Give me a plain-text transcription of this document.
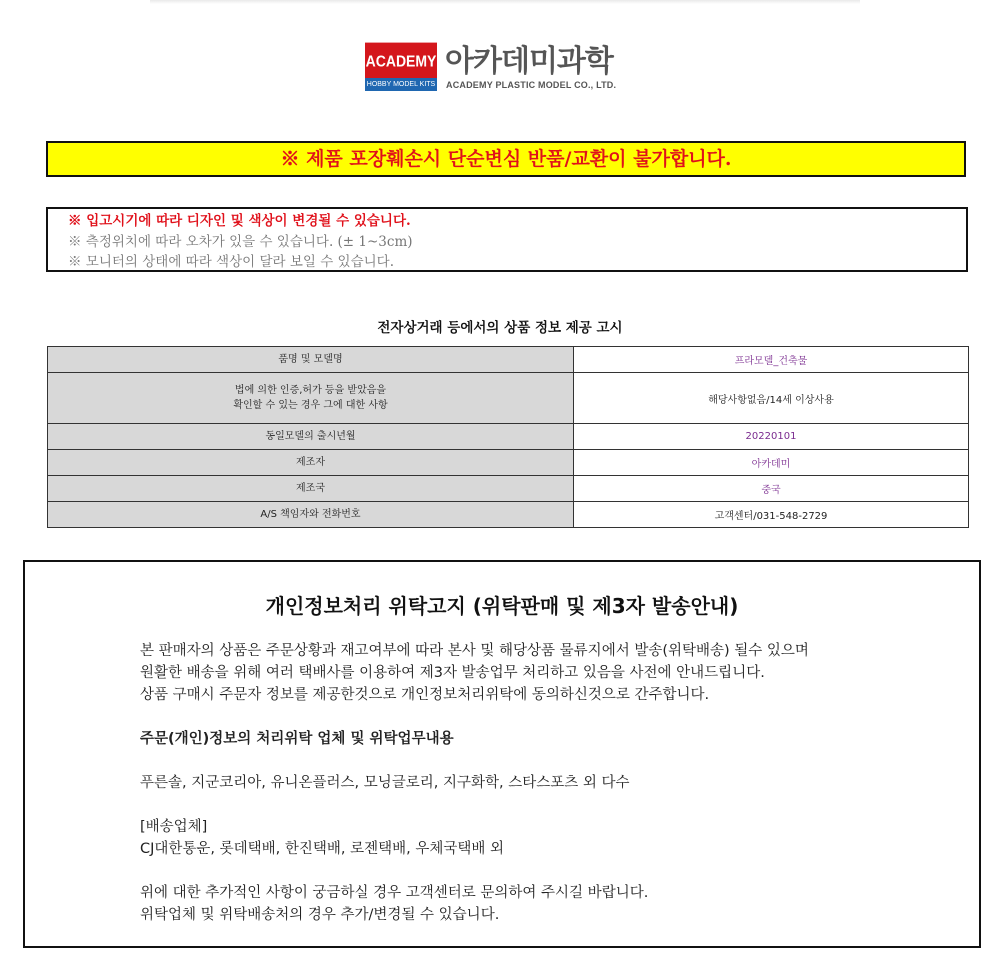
ACADEMY
HOBBY MODEL KITS
아카데미과학
ACADEMY PLASTIC MODEL CO., LTD.
※ 제품 포장훼손시 단순변심 반품/교환이 불가합니다.
※ 입고시기에 따라 디자인 및 색상이 변경될 수 있습니다.
※ 측정위치에 따라 오차가 있을 수 있습니다. (± 1~3cm)
※ 모니터의 상태에 따라 색상이 달라 보일 수 있습니다.
전자상거래 등에서의 상품 정보 제공 고시
품명 및 모델명	프라모델_건축물

법에 의한 인증,허가 등을 받았음을
확인할 수 있는 경우 그에 대한 사항	해당사항없음/14세 이상사용
동일모델의 출시년월	20220101
제조자	아카데미
제조국	중국
A/S 책임자와 전화번호	고객센터/031-548-2729
개인정보처리 위탁고지 (위탁판매 및 제3자 발송안내)
본 판매자의 상품은 주문상황과 재고여부에 따라 본사 및 해당상품 물류지에서 발송(위탁배송) 될수 있으며
원활한 배송을 위해 여러 택배사를 이용하여 제3자 발송업무 처리하고 있음을 사전에 안내드립니다.
상품 구매시 주문자 정보를 제공한것으로 개인정보처리위탁에 동의하신것으로 간주합니다.
주문(개인)정보의 처리위탁 업체 및 위탁업무내용
푸른솔, 지군코리아, 유니온플러스, 모닝글로리, 지구화학, 스타스포츠 외 다수
[배송업체]
CJ대한통운, 롯데택배, 한진택배, 로젠택배, 우체국택배 외
위에 대한 추가적인 사항이 궁금하실 경우 고객센터로 문의하여 주시길 바랍니다.
위탁업체 및 위탁배송처의 경우 추가/변경될 수 있습니다.
